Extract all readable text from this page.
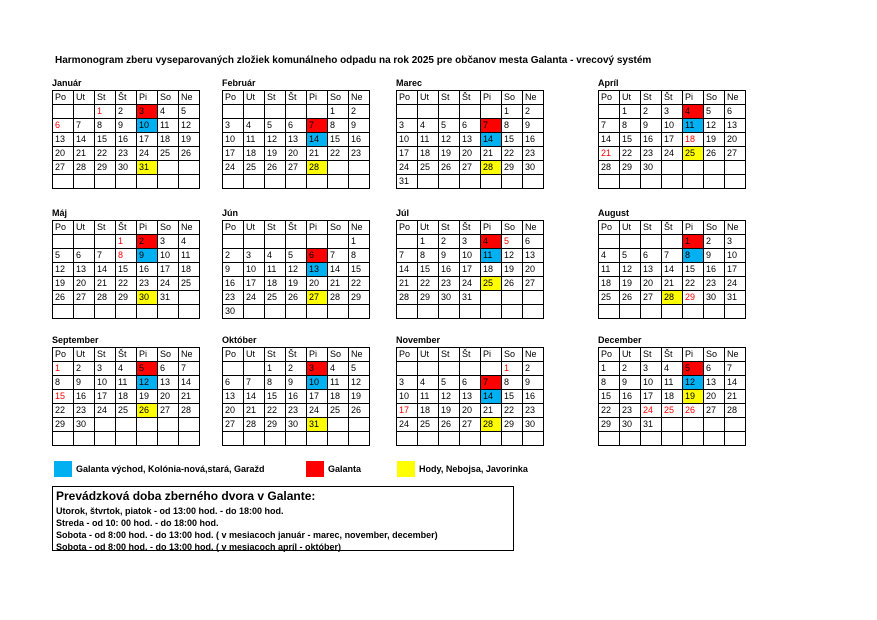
Harmonogram zberu vyseparovaných zložiek komunálneho odpadu na rok 2025 pre občanov mesta Galanta - vrecový systém
Január
Po	Ut	St	Št	Pi	So	Ne
		1	2	3	4	5
6	7	8	9	10	11	12
13	14	15	16	17	18	19
20	21	22	23	24	25	26
27	28	29	30	31		

Február
Po	Ut	St	Št	Pi	So	Ne
					1	2
3	4	5	6	7	8	9
10	11	12	13	14	15	16
17	18	19	20	21	22	23
24	25	26	27	28		

Marec
Po	Ut	St	Št	Pi	So	Ne
					1	2
3	4	5	6	7	8	9
10	11	12	13	14	15	16
17	18	19	20	21	22	23
24	25	26	27	28	29	30
31						
Apríl
Po	Ut	St	Št	Pi	So	Ne
	1	2	3	4	5	6
7	8	9	10	11	12	13
14	15	16	17	18	19	20
21	22	23	24	25	26	27
28	29	30				

Máj
Po	Ut	St	Št	Pi	So	Ne
			1	2	3	4
5	6	7	8	9	10	11
12	13	14	15	16	17	18
19	20	21	22	23	24	25
26	27	28	29	30	31	

Jún
Po	Ut	St	Št	Pi	So	Ne
						1
2	3	4	5	6	7	8
9	10	11	12	13	14	15
16	17	18	19	20	21	22
23	24	25	26	27	28	29
30						
Júl
Po	Ut	St	Št	Pi	So	Ne
	1	2	3	4	5	6
7	8	9	10	11	12	13
14	15	16	17	18	19	20
21	22	23	24	25	26	27
28	29	30	31			

August
Po	Ut	St	Št	Pi	So	Ne
				1	2	3
4	5	6	7	8	9	10
11	12	13	14	15	16	17
18	19	20	21	22	23	24
25	26	27	28	29	30	31

September
Po	Ut	St	Št	Pi	So	Ne
1	2	3	4	5	6	7
8	9	10	11	12	13	14
15	16	17	18	19	20	21
22	23	24	25	26	27	28
29	30					

Október
Po	Ut	St	Št	Pi	So	Ne
		1	2	3	4	5
6	7	8	9	10	11	12
13	14	15	16	17	18	19
20	21	22	23	24	25	26
27	28	29	30	31		

November
Po	Ut	St	Št	Pi	So	Ne
					1	2
3	4	5	6	7	8	9
10	11	12	13	14	15	16
17	18	19	20	21	22	23
24	25	26	27	28	29	30

December
Po	Ut	St	Št	Pi	So	Ne
1	2	3	4	5	6	7
8	9	10	11	12	13	14
15	16	17	18	19	20	21
22	23	24	25	26	27	28
29	30	31				

Galanta východ, Kolónia-nová,stará, Garažd	Galanta	Hody, Nebojsa, Javorinka
Prevádzková doba zberného dvora v Galante:
Utorok, štvrtok, piatok - od 13:00 hod. - do 18:00 hod.
Streda - od 10: 00 hod. - do 18:00 hod.
Sobota - od 8:00 hod. - do 13:00 hod. ( v mesiacoch január - marec, november, december)
Sobota - od 8:00 hod. - do 13:00 hod. ( v mesiacoch apríl - október)
